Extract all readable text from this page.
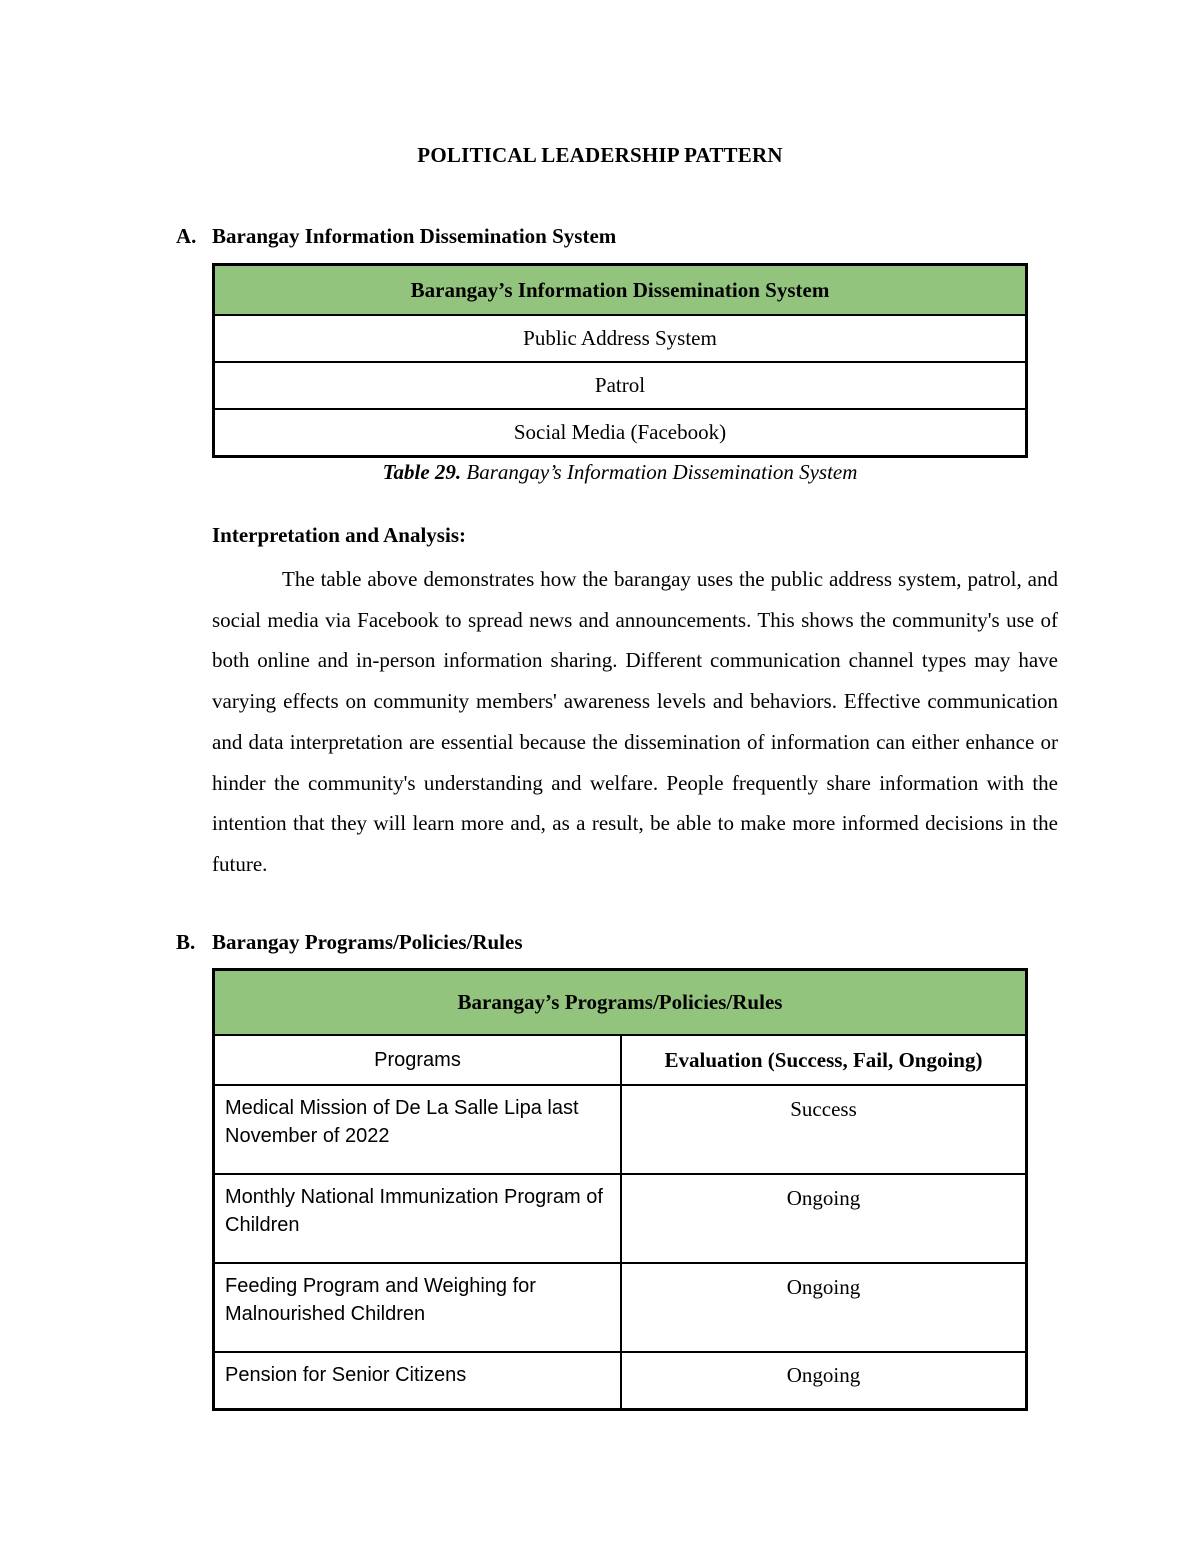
POLITICAL LEADERSHIP PATTERN
A. Barangay Information Dissemination System
Barangay’s Information Dissemination System
Public Address System
Patrol
Social Media (Facebook)
Table 29. Barangay’s Information Dissemination System
Interpretation and Analysis:

The table above demonstrates how the barangay uses the public address system, patrol, and social media via Facebook to spread news and announcements. This shows the community's use of both online and in-person information sharing. Different communication channel types may have varying effects on community members' awareness levels and behaviors. Effective communication and data interpretation are essential because the dissemination of information can either enhance or hinder the community's understanding and welfare. People frequently share information with the intention that they will learn more and, as a result, be able to make more informed decisions in the future.

B. Barangay Programs/Policies/Rules
Barangay’s Programs/Policies/Rules	
Programs	Evaluation (Success, Fail, Ongoing)
Medical Mission of De La Salle Lipa last November of 2022	Success
Monthly National Immunization Program of Children	Ongoing
Feeding Program and Weighing for Malnourished Children	Ongoing
Pension for Senior Citizens	Ongoing
